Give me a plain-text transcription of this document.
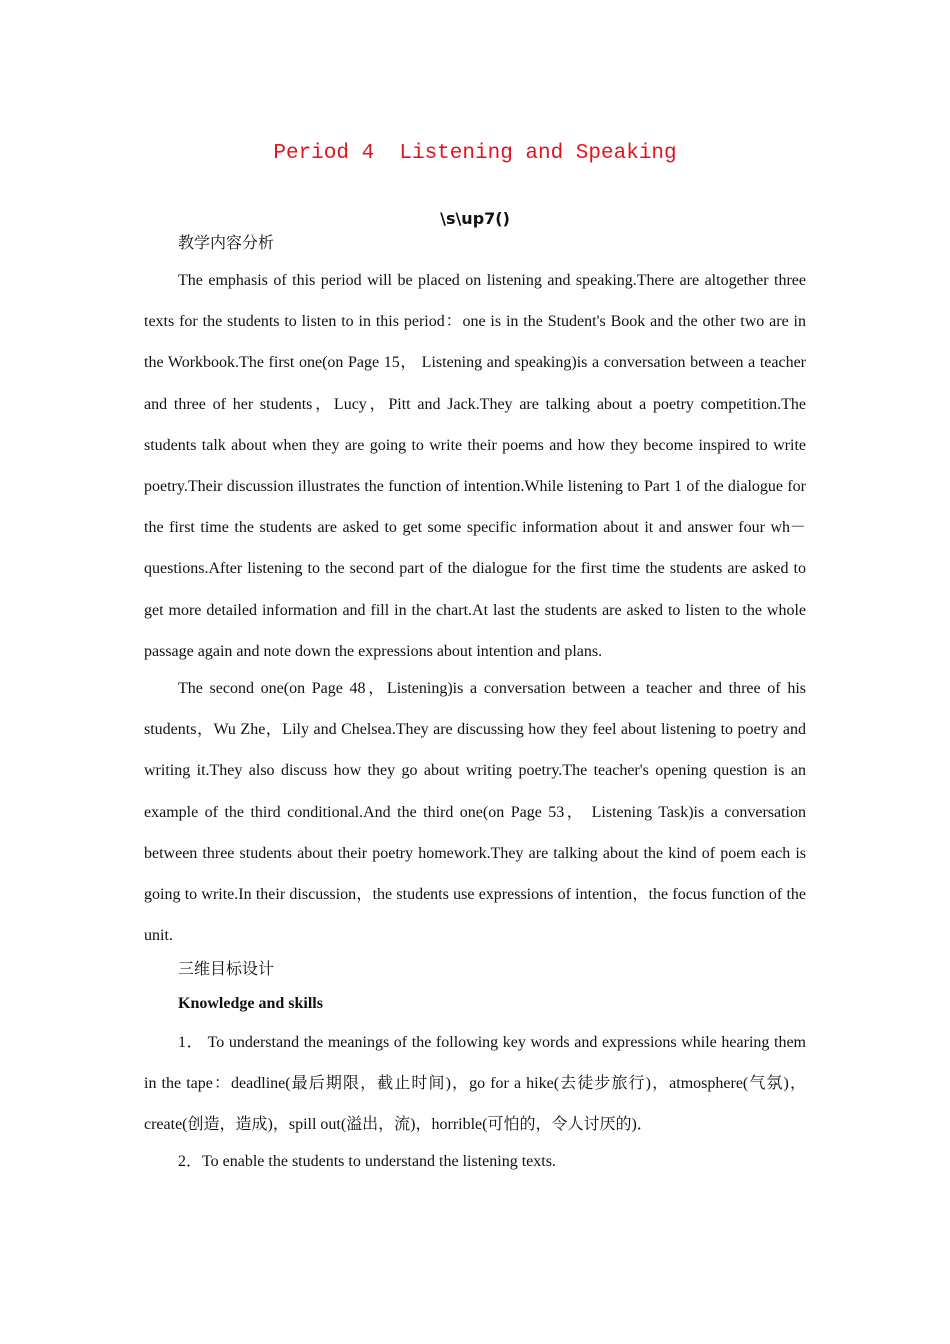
Period 4  Listening and Speaking
\s\up7()
教学内容分析

The emphasis of this period will be placed on listening and speaking.There are altogether three texts for the students to listen to in this period：one is in the Student's Book and the other two are in the Workbook.The first one(on Page 15， Listening and speaking)is a conversation between a teacher and three of her students，Lucy，Pitt and Jack.They are talking about a poetry competition.The students talk about when they are going to write their poems and how they become inspired to write poetry.Their discussion illustrates the function of intention.While listening to Part 1 of the dialogue for the first time the students are asked to get some specific information about it and answer four wh－questions.After listening to the second part of the dialogue for the first time the students are asked to get more detailed information and fill in the chart.At last the students are asked to listen to the whole passage again and note down the expressions about intention and plans.

The second one(on Page 48，Listening)is a conversation between a teacher and three of his students，Wu Zhe，Lily and Chelsea.They are discussing how they feel about listening to poetry and writing it.They also discuss how they go about writing poetry.The teacher's opening question is an example of the third conditional.And the third one(on Page 53， Listening Task)is a conversation between three students about their poetry homework.They are talking about the kind of poem each is going to write.In their discussion，the students use expressions of intention，the focus function of the unit.

三维目标设计
Knowledge and skills

1． To understand the meanings of the following key words and expressions while hearing them in the tape：deadline(最后期限，截止时间)，go for a hike(去徒步旅行)，atmosphere(气氛)，create(创造，造成)，spill out(溢出，流)，horrible(可怕的，令人讨厌的)．

2．To enable the students to understand the listening texts.
